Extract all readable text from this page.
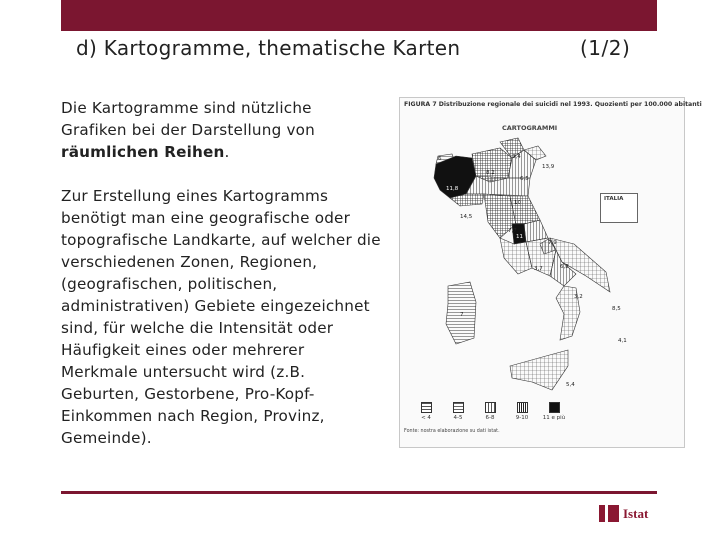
d) Kartogramme, thematische Karten	(1/2)

Die Kartogramme sind nützliche Grafiken bei der Darstellung von räumlichen Reihen.

Zur Erstellung eines Kartogramms benötigt man eine geografische oder topografische Landkarte, auf welcher die verschiedenen Zonen, Regionen, (geografischen, politischen, administrativen) Gebiete eingezeichnet sind, für welche die Intensität oder Häufigkeit eines oder mehrerer Merkmale untersucht wird (z.B. Geburten, Gestorbene, Pro-Kopf-Einkommen nach Region, Provinz, Gemeinde).

FIGURA 7 Distribuzione regionale dei suicidi nel 1993. Quozienti per 100.000 abitanti
CARTOGRAMMI
6	3,4
13,9
8,2
6,5
11,8
10
14,5
7,7
7,9
11
3,7	6,8
3,2
8,5
7
4,1
5,4
ITALIA
< 4	4-5	6-8	9-10	11 e più
Fonte: nostra elaborazione su dati istat.
Istat
